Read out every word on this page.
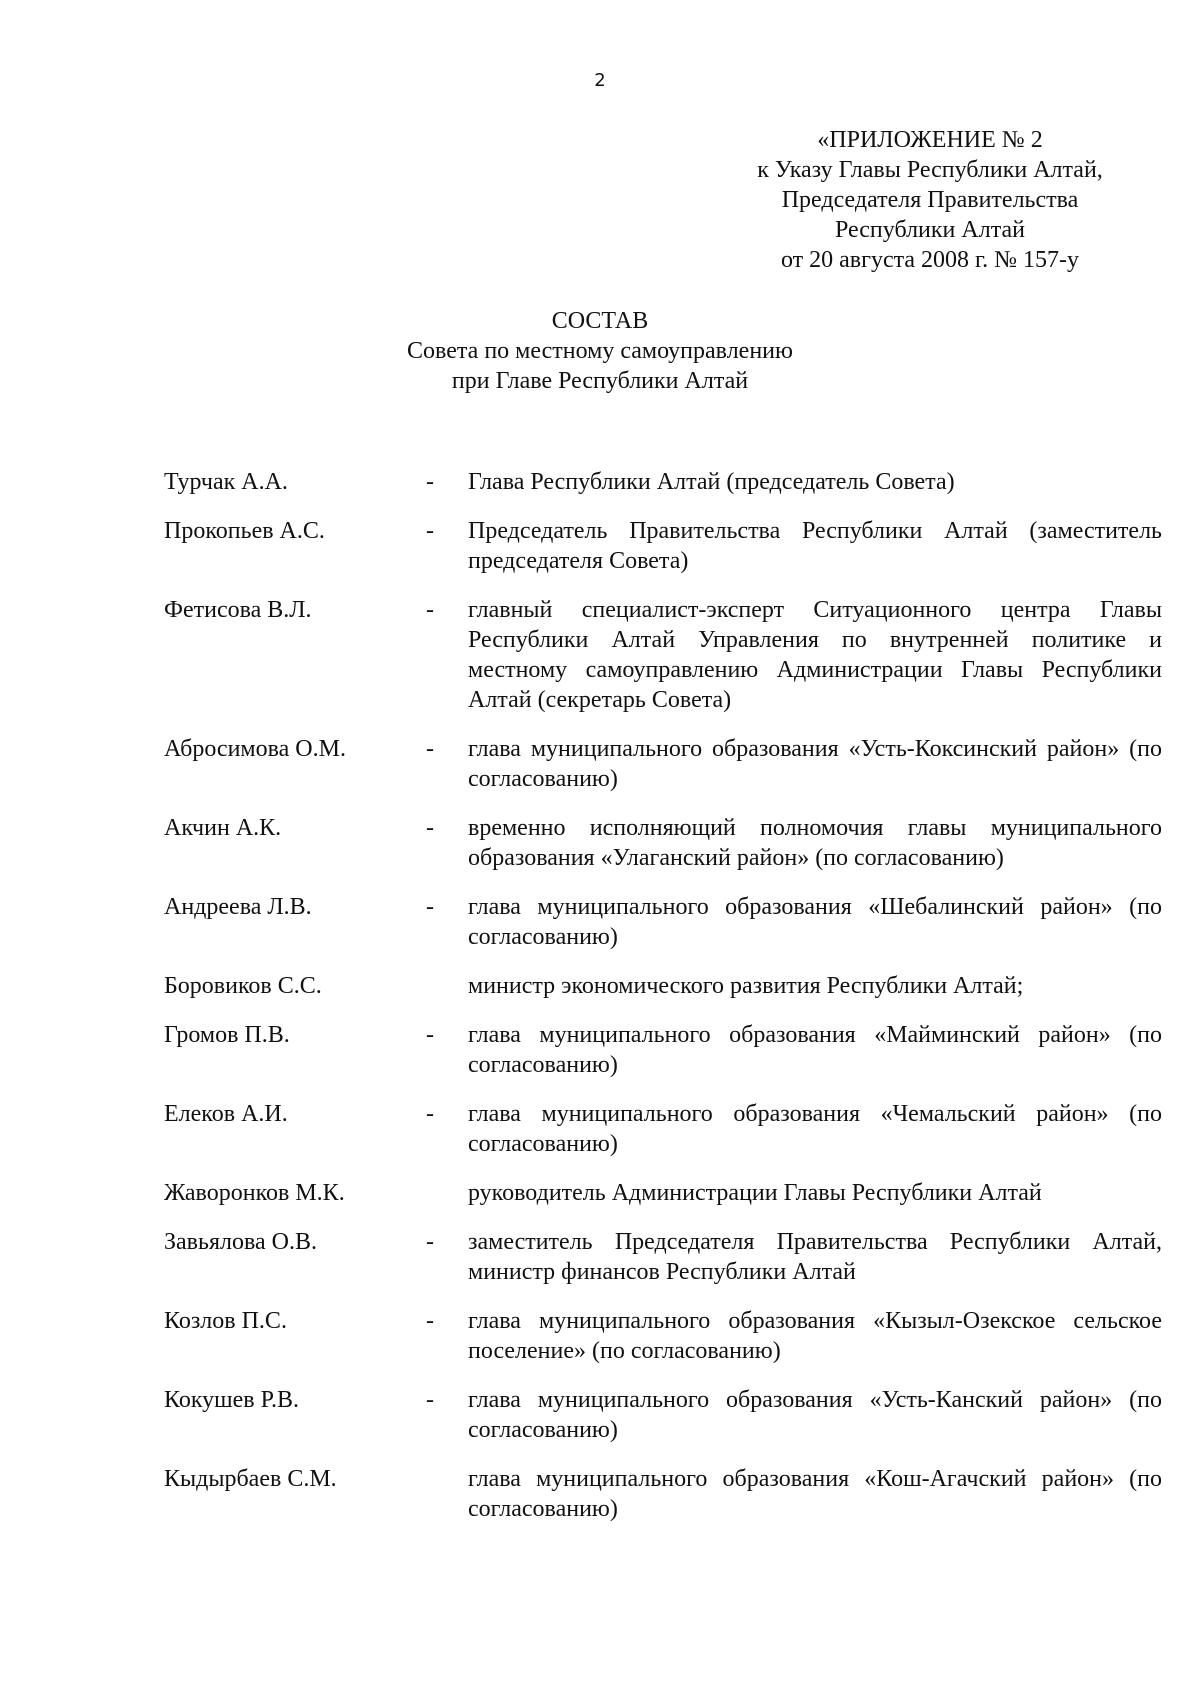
2
«ПРИЛОЖЕНИЕ № 2
к Указу Главы Республики Алтай,
Председателя Правительства
Республики Алтай
от 20 августа 2008 г. № 157-у
СОСТАВ
Совета по местному самоуправлению
при Главе Республики Алтай
Турчак А.А.	-	Глава Республики Алтай (председатель Совета)
Прокопьев А.С.	-	Председатель Правительства Республики Алтай (заместитель председателя Совета)
Фетисова В.Л.	-	главный специалист-эксперт Ситуационного центра Главы Республики Алтай Управления по внутренней политике и местному самоуправлению Администрации Главы Республики Алтай (секретарь Совета)
Абросимова О.М.	-	глава муниципального образования «Усть-Коксинский район» (по согласованию)
Акчин А.К.	-	временно исполняющий полномочия главы муниципального образования «Улаганский район» (по согласованию)
Андреева Л.В.	-	глава муниципального образования «Шебалинский район» (по согласованию)
Боровиков С.С.	министр экономического развития Республики Алтай;
Громов П.В.	-	глава муниципального образования «Майминский район» (по согласованию)
Елеков А.И.	-	глава муниципального образования «Чемальский район» (по согласованию)
Жаворонков М.К.	руководитель Администрации Главы Республики Алтай
Завьялова О.В.	-	заместитель Председателя Правительства Республики Алтай, министр финансов Республики Алтай
Козлов П.С.	-	глава муниципального образования «Кызыл-Озекское сельское поселение» (по согласованию)
Кокушев Р.В.	-	глава муниципального образования «Усть-Канский район» (по согласованию)
Кыдырбаев С.М.	глава муниципального образования «Кош-Агачский район» (по согласованию)
